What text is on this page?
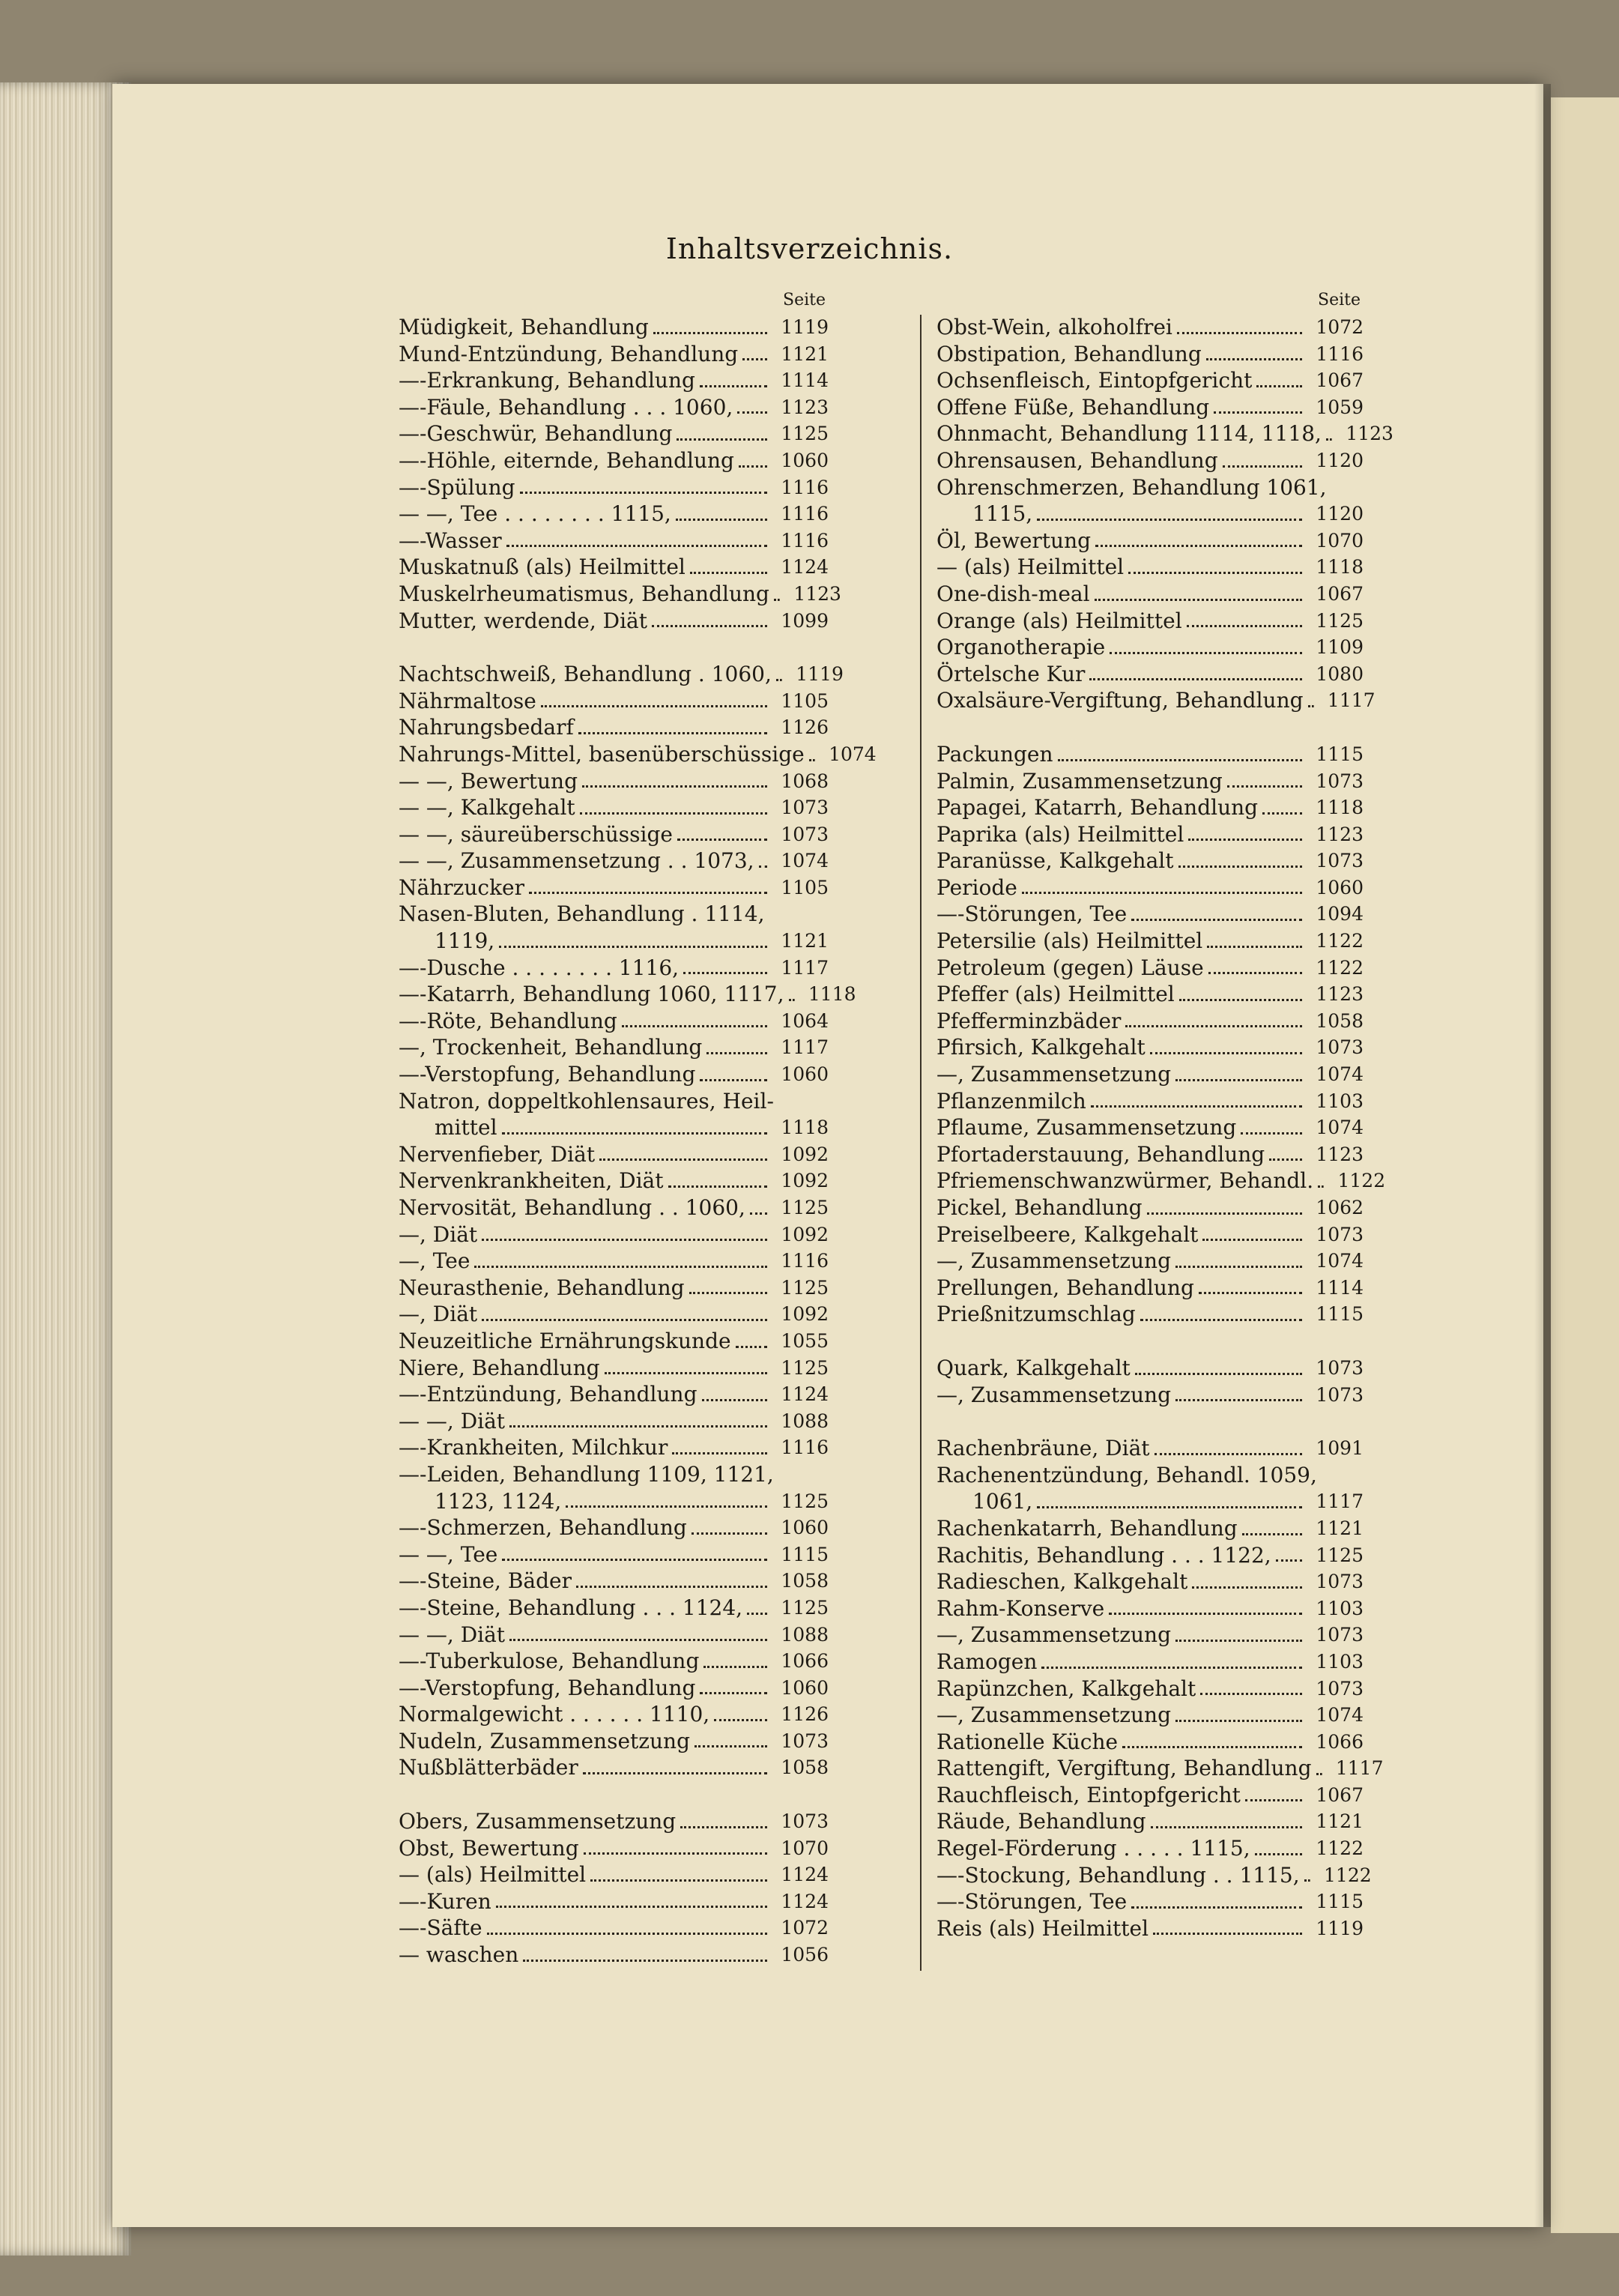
Inhaltsverzeichnis.
Seite
Müdigkeit, Behandlung	1119
Mund-Entzündung, Behandlung	1121
—-Erkrankung, Behandlung	1114
—-Fäule, Behandlung . . . 1060,	1123
—-Geschwür, Behandlung	1125
—-Höhle, eiternde, Behandlung	1060
—-Spülung	1116
— —, Tee . . . . . . . . 1115,	1116
—-Wasser	1116
Muskatnuß (als) Heilmittel	1124
Muskelrheumatismus, Behandlung	1123
Mutter, werdende, Diät	1099
Nachtschweiß, Behandlung . 1060,	1119
Nährmaltose	1105
Nahrungsbedarf	1126
Nahrungs-Mittel, basenüberschüssige	1074
— —, Bewertung	1068
— —, Kalkgehalt	1073
— —, säureüberschüssige	1073
— —, Zusammensetzung . . 1073,	1074
Nährzucker	1105
Nasen-Bluten, Behandlung . 1114,
1119,	1121
—-Dusche . . . . . . . . 1116,	1117
—-Katarrh, Behandlung 1060, 1117,	1118
—-Röte, Behandlung	1064
—, Trockenheit, Behandlung	1117
—-Verstopfung, Behandlung	1060
Natron, doppeltkohlensaures, Heil-
mittel	1118
Nervenfieber, Diät	1092
Nervenkrankheiten, Diät	1092
Nervosität, Behandlung . . 1060,	1125
—, Diät	1092
—, Tee	1116
Neurasthenie, Behandlung	1125
—, Diät	1092
Neuzeitliche Ernährungskunde	1055
Niere, Behandlung	1125
—-Entzündung, Behandlung	1124
— —, Diät	1088
—-Krankheiten, Milchkur	1116
—-Leiden, Behandlung 1109, 1121,
1123, 1124,	1125
—-Schmerzen, Behandlung	1060
— —, Tee	1115
—-Steine, Bäder	1058
—-Steine, Behandlung . . . 1124,	1125
— —, Diät	1088
—-Tuberkulose, Behandlung	1066
—-Verstopfung, Behandlung	1060
Normalgewicht . . . . . . 1110,	1126
Nudeln, Zusammensetzung	1073
Nußblätterbäder	1058
Obers, Zusammensetzung	1073
Obst, Bewertung	1070
— (als) Heilmittel	1124
—-Kuren	1124
—-Säfte	1072
— waschen	1056
Seite
Obst-Wein, alkoholfrei	1072
Obstipation, Behandlung	1116
Ochsenfleisch, Eintopfgericht	1067
Offene Füße, Behandlung	1059
Ohnmacht, Behandlung 1114, 1118,	1123
Ohrensausen, Behandlung	1120
Ohrenschmerzen, Behandlung 1061,
1115,	1120
Öl, Bewertung	1070
— (als) Heilmittel	1118
One-dish-meal	1067
Orange (als) Heilmittel	1125
Organotherapie	1109
Örtelsche Kur	1080
Oxalsäure-Vergiftung, Behandlung	1117
Packungen	1115
Palmin, Zusammensetzung	1073
Papagei, Katarrh, Behandlung	1118
Paprika (als) Heilmittel	1123
Paranüsse, Kalkgehalt	1073
Periode	1060
—-Störungen, Tee	1094
Petersilie (als) Heilmittel	1122
Petroleum (gegen) Läuse	1122
Pfeffer (als) Heilmittel	1123
Pfefferminzbäder	1058
Pfirsich, Kalkgehalt	1073
—, Zusammensetzung	1074
Pflanzenmilch	1103
Pflaume, Zusammensetzung	1074
Pfortaderstauung, Behandlung	1123
Pfriemenschwanzwürmer, Behandl.	1122
Pickel, Behandlung	1062
Preiselbeere, Kalkgehalt	1073
—, Zusammensetzung	1074
Prellungen, Behandlung	1114
Prießnitzumschlag	1115
Quark, Kalkgehalt	1073
—, Zusammensetzung	1073
Rachenbräune, Diät	1091
Rachenentzündung, Behandl. 1059,
1061,	1117
Rachenkatarrh, Behandlung	1121
Rachitis, Behandlung . . . 1122,	1125
Radieschen, Kalkgehalt	1073
Rahm-Konserve	1103
—, Zusammensetzung	1073
Ramogen	1103
Rapünzchen, Kalkgehalt	1073
—, Zusammensetzung	1074
Rationelle Küche	1066
Rattengift, Vergiftung, Behandlung	1117
Rauchfleisch, Eintopfgericht	1067
Räude, Behandlung	1121
Regel-Förderung . . . . . 1115,	1122
—-Stockung, Behandlung . . 1115,	1122
—-Störungen, Tee	1115
Reis (als) Heilmittel	1119
